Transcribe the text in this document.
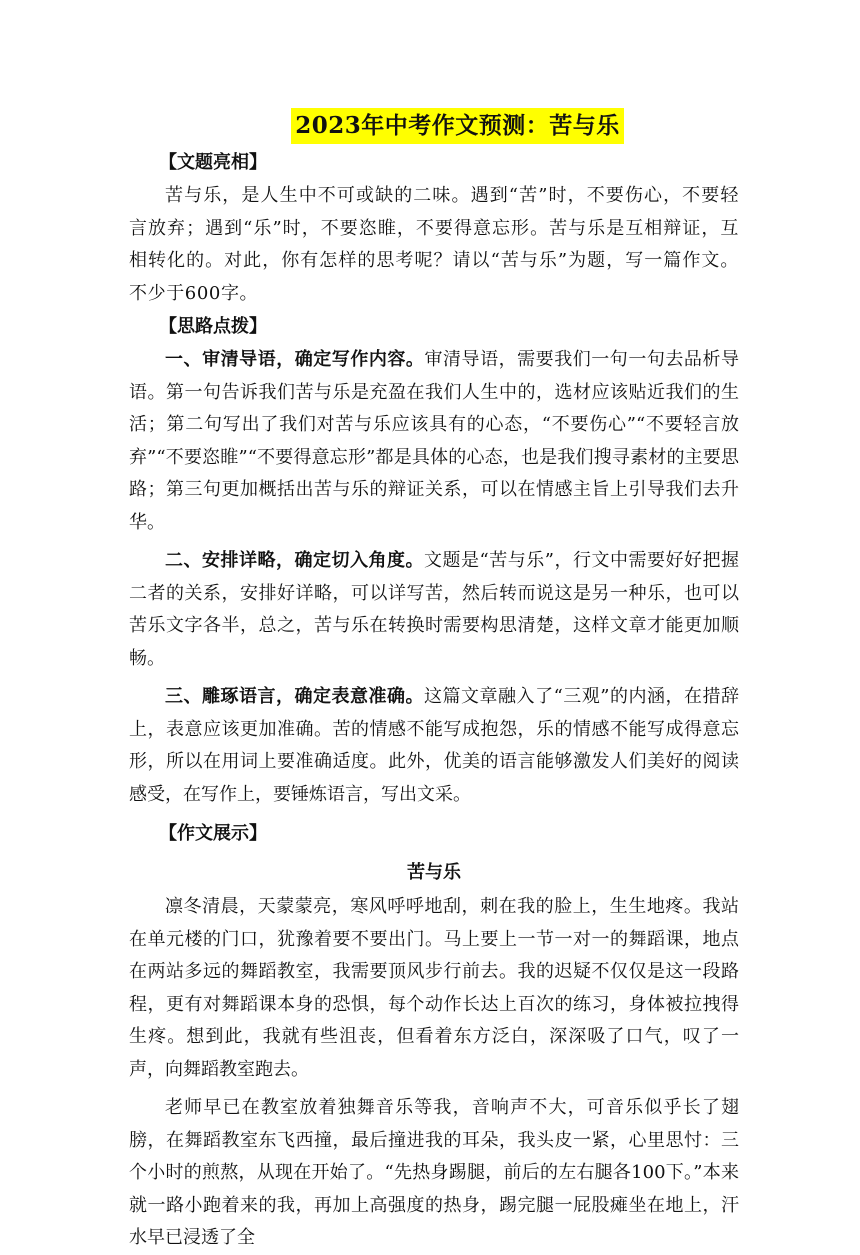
2023年中考作文预测：苦与乐
【文题亮相】

苦与乐，是人生中不可或缺的二味。遇到“苦”时，不要伤心，不要轻言放弃；遇到“乐”时，不要恣睢，不要得意忘形。苦与乐是互相辩证，互相转化的。对此，你有怎样的思考呢？请以“苦与乐”为题，写一篇作文。不少于600字。

【思路点拨】

一、审清导语，确定写作内容。审清导语，需要我们一句一句去品析导语。第一句告诉我们苦与乐是充盈在我们人生中的，选材应该贴近我们的生活；第二句写出了我们对苦与乐应该具有的心态，“不要伤心”“不要轻言放弃”“不要恣睢”“不要得意忘形”都是具体的心态，也是我们搜寻素材的主要思路；第三句更加概括出苦与乐的辩证关系，可以在情感主旨上引导我们去升华。

二、安排详略，确定切入角度。文题是“苦与乐”，行文中需要好好把握二者的关系，安排好详略，可以详写苦，然后转而说这是另一种乐，也可以苦乐文字各半，总之，苦与乐在转换时需要构思清楚，这样文章才能更加顺畅。

三、雕琢语言，确定表意准确。这篇文章融入了“三观”的内涵，在措辞上，表意应该更加准确。苦的情感不能写成抱怨，乐的情感不能写成得意忘形，所以在用词上要准确适度。此外，优美的语言能够激发人们美好的阅读感受，在写作上，要锤炼语言，写出文采。

【作文展示】
苦与乐

凛冬清晨，天蒙蒙亮，寒风呼呼地刮，刺在我的脸上，生生地疼。我站在单元楼的门口，犹豫着要不要出门。马上要上一节一对一的舞蹈课，地点在两站多远的舞蹈教室，我需要顶风步行前去。我的迟疑不仅仅是这一段路程，更有对舞蹈课本身的恐惧，每个动作长达上百次的练习，身体被拉拽得生疼。想到此，我就有些沮丧，但看着东方泛白，深深吸了口气，叹了一声，向舞蹈教室跑去。

老师早已在教室放着独舞音乐等我，音响声不大，可音乐似乎长了翅膀，在舞蹈教室东飞西撞，最后撞进我的耳朵，我头皮一紧，心里思忖：三个小时的煎熬，从现在开始了。“先热身踢腿，前后的左右腿各100下。”本来就一路小跑着来的我，再加上高强度的热身，踢完腿一屁股瘫坐在地上，汗水早已浸透了全
